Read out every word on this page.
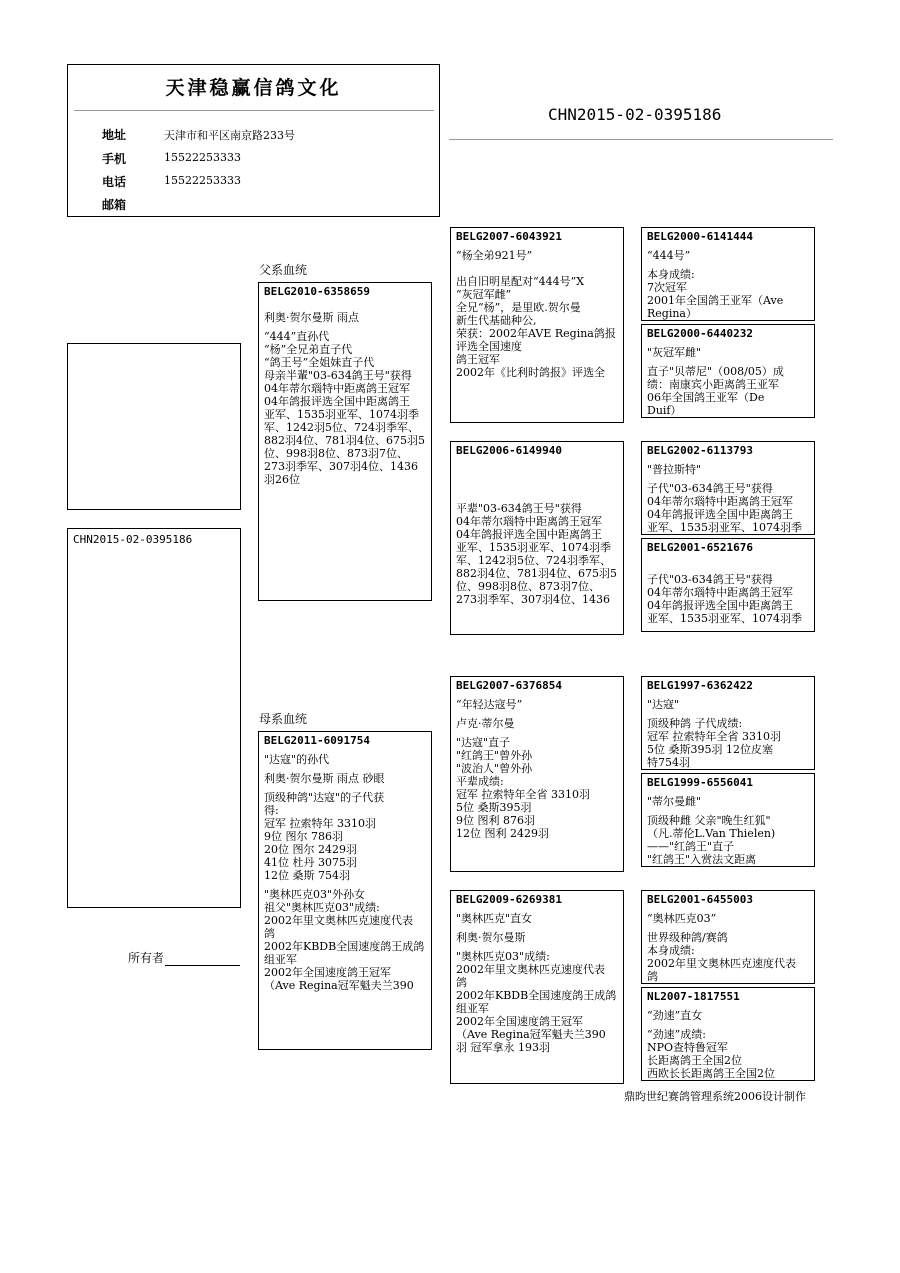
天津稳赢信鸽文化
地址	天津市和平区南京路233号
手机	15522253333
电话	15522253333
邮箱
CHN2015-02-0395186
父系血统
母系血统
CHN2015-02-0395186
所有者
BELG2010-6358659
利奥·贺尔曼斯 雨点
“444”直孙代
“杨”全兄弟直子代
“鸽王号”全姐妹直子代
母亲半輩"03-634鸽王号"获得
04年蒂尔瑙特中距离鸽王冠军
04年鸽报评选全国中距离鸽王
亚军、1535羽亚军、1074羽季
军、1242羽5位、724羽季军、
882羽4位、781羽4位、675羽5
位、998羽8位、873羽7位、
273羽季军、307羽4位、1436
羽26位
BELG2011-6091754
"达寇"的孙代
利奥·贺尔曼斯 雨点 砂眼
顶级种鸽"达寇"的子代获
得:
冠军 拉索特年 3310羽
9位 图尔 786羽
20位 图尔 2429羽
41位 杜丹 3075羽
12位 桑斯 754羽
"奥林匹克03"外孙女
祖父"奥林匹克03"成绩:
2002年里文奥林匹克速度代表
鸽
2002年KBDB全国速度鸽王成鸽
组亚军
2002年全国速度鸽王冠军
（Ave Regina冠军魁夫兰390
BELG2007-6043921
“杨全弟921号”
出自旧明星配对“444号”X
“灰冠军雌”
全兄“杨”，是里欧.贺尔曼
新生代基础种公,
荣获：2002年AVE Regina鸽报
评选全国速度
鸽王冠军
2002年《比利时鸽报》评选全
BELG2006-6149940
平辈"03-634鸽王号"获得
04年蒂尔瑙特中距离鸽王冠军
04年鸽报评选全国中距离鸽王
亚军、1535羽亚军、1074羽季
军、1242羽5位、724羽季军、
882羽4位、781羽4位、675羽5
位、998羽8位、873羽7位、
273羽季军、307羽4位、1436
BELG2007-6376854
“年轻达寇号”
卢克·蒂尔曼
"达寇"直子
"红鸽王"曾外孙
"波治人"曾外孙
平辈成绩:
冠军 拉索特年全省 3310羽
5位 桑斯395羽
9位 图利 876羽
12位 图利 2429羽
BELG2009-6269381
"奥林匹克"直女
利奥·贺尔曼斯
"奥林匹克03"成绩:
2002年里文奥林匹克速度代表
鸽
2002年KBDB全国速度鸽王成鸽
组亚军
2002年全国速度鸽王冠军
（Ave Regina冠军魁夫兰390
羽 冠军拿永 193羽
BELG2000-6141444
“444号”
本身成绩:
7次冠军
2001年全国鸽王亚军（Ave
Regina）
BELG2000-6440232
"灰冠军雌"
直子"贝蒂尼"（008/05）成
绩：南康宾小距离鸽王亚军
06年全国鸽王亚军（De
Duif）
BELG2002-6113793
"普拉斯特"
子代"03-634鸽王号"获得
04年蒂尔瑙特中距离鸽王冠军
04年鸽报评选全国中距离鸽王
亚军、1535羽亚军、1074羽季
BELG2001-6521676
子代"03-634鸽王号"获得
04年蒂尔瑙特中距离鸽王冠军
04年鸽报评选全国中距离鸽王
亚军、1535羽亚军、1074羽季
BELG1997-6362422
"达寇"
顶级种鸽 子代成绩:
冠军 拉索特年全省 3310羽
5位 桑斯395羽 12位皮塞
特754羽
BELG1999-6556041
"蒂尔曼雌"
顶级种雌 父亲"晚生红狐"
（凡.蒂伦L.Van Thielen)
——"红鸽王"直子
"红鸽王"入赏法文距离
BELG2001-6455003
“奥林匹克03”
世界级种鸽/赛鸽
本身成绩:
2002年里文奥林匹克速度代表
鸽
NL2007-1817551
“劲速”直女
“劲速”成绩:
NPO查特鲁冠军
长距离鸽王全国2位
西欧长长距离鸽王全国2位
鼎昀世纪赛鸽管理系统2006设计制作
